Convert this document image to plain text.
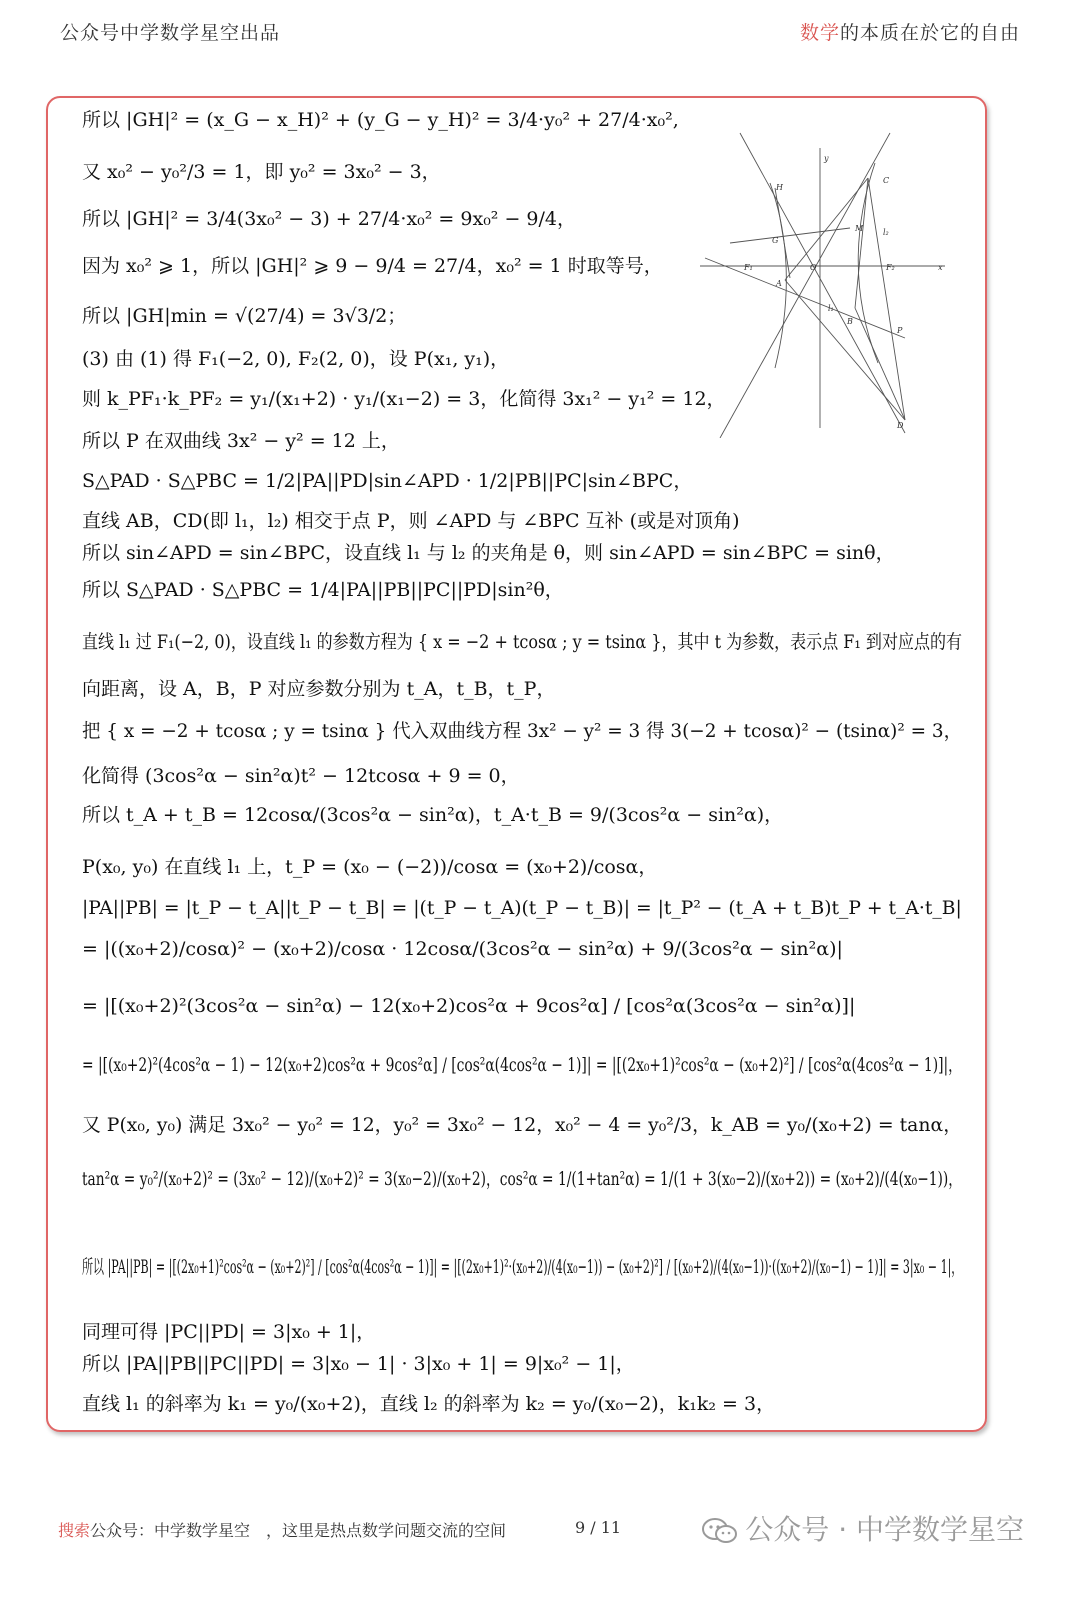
公众号中学数学星空出品	数学的本质在於它的自由
所以 |GH|² = (x_G − x_H)² + (y_G − y_H)² = 3/4·y₀² + 27/4·x₀²,
又 x₀² − y₀²/3 = 1，即 y₀² = 3x₀² − 3，
所以 |GH|² = 3/4(3x₀² − 3) + 27/4·x₀² = 9x₀² − 9/4，
因为 x₀² ⩾ 1，所以 |GH|² ⩾ 9 − 9/4 = 27/4，x₀² = 1 时取等号，
所以 |GH|min = √(27/4) = 3√3/2；
(3) 由 (1) 得 F₁(−2, 0), F₂(2, 0)，设 P(x₁, y₁)，
则 k_PF₁·k_PF₂ = y₁/(x₁+2) · y₁/(x₁−2) = 3，化简得 3x₁² − y₁² = 12，
所以 P 在双曲线 3x² − y² = 12 上，
S△PAD · S△PBC = 1/2|PA||PD|sin∠APD · 1/2|PB||PC|sin∠BPC，
直线 AB，CD(即 l₁，l₂) 相交于点 P，则 ∠APD 与 ∠BPC 互补 (或是对顶角)
所以 sin∠APD = sin∠BPC，设直线 l₁ 与 l₂ 的夹角是 θ，则 sin∠APD = sin∠BPC = sinθ，
所以 S△PAD · S△PBC = 1/4|PA||PB||PC||PD|sin²θ，
直线 l₁ 过 F₁(−2, 0)，设直线 l₁ 的参数方程为 { x = −2 + tcosα ; y = tsinα }，其中 t 为参数，表示点 F₁ 到对应点的有
向距离，设 A，B，P 对应参数分别为 t_A，t_B，t_P，
把 { x = −2 + tcosα ; y = tsinα } 代入双曲线方程 3x² − y² = 3 得 3(−2 + tcosα)² − (tsinα)² = 3，
化简得 (3cos²α − sin²α)t² − 12tcosα + 9 = 0，
所以 t_A + t_B = 12cosα/(3cos²α − sin²α)，t_A·t_B = 9/(3cos²α − sin²α)，
P(x₀, y₀) 在直线 l₁ 上，t_P = (x₀ − (−2))/cosα = (x₀+2)/cosα，
|PA||PB| = |t_P − t_A||t_P − t_B| = |(t_P − t_A)(t_P − t_B)| = |t_P² − (t_A + t_B)t_P + t_A·t_B|
= |((x₀+2)/cosα)² − (x₀+2)/cosα · 12cosα/(3cos²α − sin²α) + 9/(3cos²α − sin²α)|
= |[(x₀+2)²(3cos²α − sin²α) − 12(x₀+2)cos²α + 9cos²α] / [cos²α(3cos²α − sin²α)]|
= |[(x₀+2)²(4cos²α − 1) − 12(x₀+2)cos²α + 9cos²α] / [cos²α(4cos²α − 1)]| = |[(2x₀+1)²cos²α − (x₀+2)²] / [cos²α(4cos²α − 1)]|，
又 P(x₀, y₀) 满足 3x₀² − y₀² = 12，y₀² = 3x₀² − 12，x₀² − 4 = y₀²/3，k_AB = y₀/(x₀+2) = tanα，
tan²α = y₀²/(x₀+2)² = (3x₀² − 12)/(x₀+2)² = 3(x₀−2)/(x₀+2)，cos²α = 1/(1+tan²α) = 1/(1 + 3(x₀−2)/(x₀+2)) = (x₀+2)/(4(x₀−1))，
所以 |PA||PB| = |[(2x₀+1)²cos²α − (x₀+2)²] / [cos²α(4cos²α − 1)]| = |[(2x₀+1)²·(x₀+2)/(4(x₀−1)) − (x₀+2)²] / [(x₀+2)/(4(x₀−1))·((x₀+2)/(x₀−1) − 1)]| = 3|x₀ − 1|，
同理可得 |PC||PD| = 3|x₀ + 1|，
所以 |PA||PB||PC||PD| = 3|x₀ − 1| · 3|x₀ + 1| = 9|x₀² − 1|，
直线 l₁ 的斜率为 k₁ = y₀/(x₀+2)，直线 l₂ 的斜率为 k₂ = y₀/(x₀−2)，k₁k₂ = 3，
H
G
F₁	O
A
C
M l₂
F₂	x
y
l₁
B
P
D
搜索公众号：中学数学星空　，这里是热点数学问题交流的空间	9 / 11	公众号 · 中学数学星空
